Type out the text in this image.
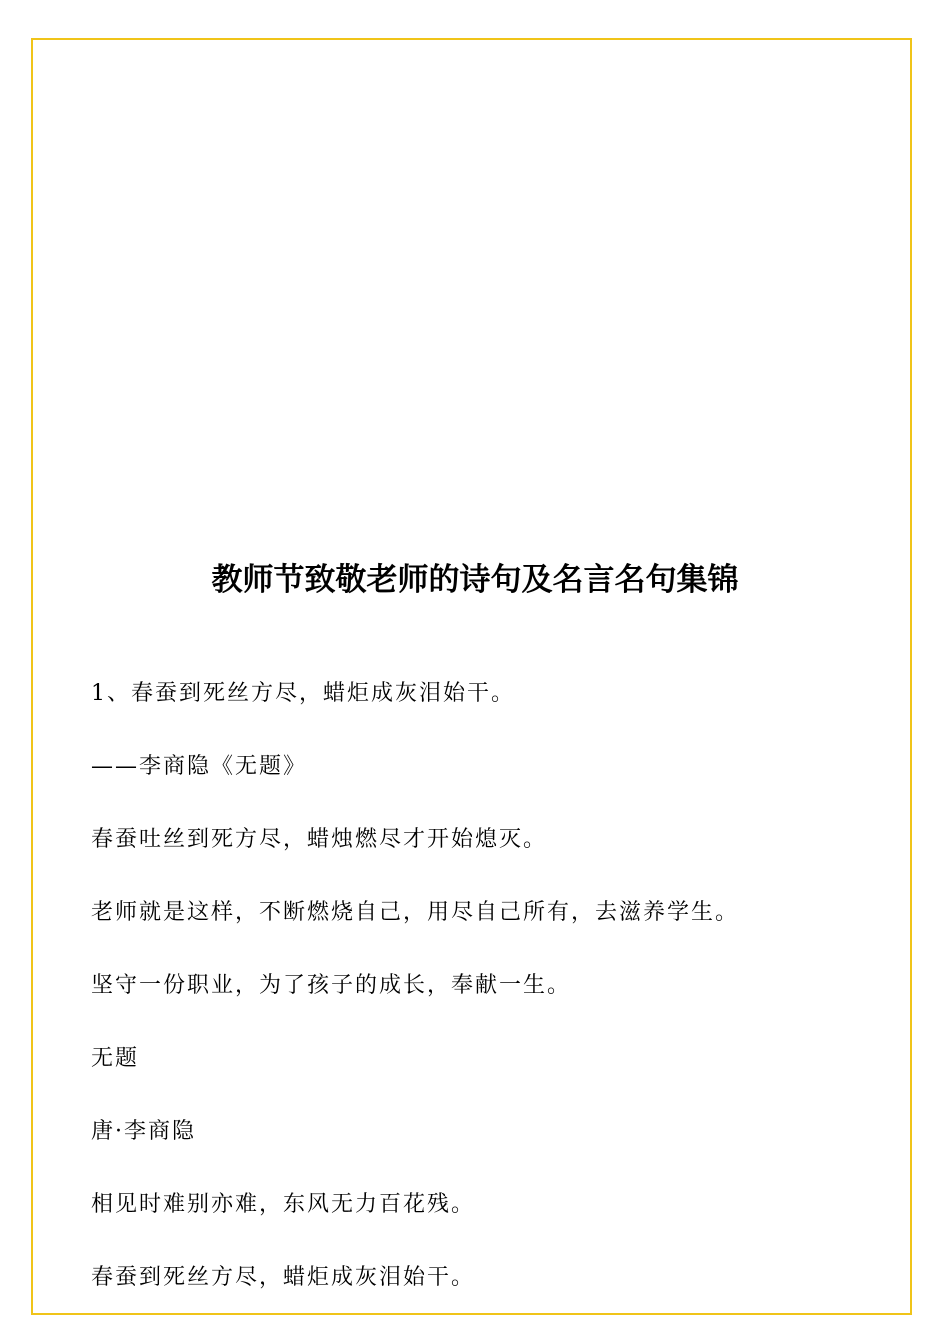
教师节致敬老师的诗句及名言名句集锦
1、春蚕到死丝方尽，蜡炬成灰泪始干。
——李商隐《无题》
春蚕吐丝到死方尽，蜡烛燃尽才开始熄灭。
老师就是这样，不断燃烧自己，用尽自己所有，去滋养学生。
坚守一份职业，为了孩子的成长，奉献一生。
无题
唐·李商隐
相见时难别亦难，东风无力百花残。
春蚕到死丝方尽，蜡炬成灰泪始干。
